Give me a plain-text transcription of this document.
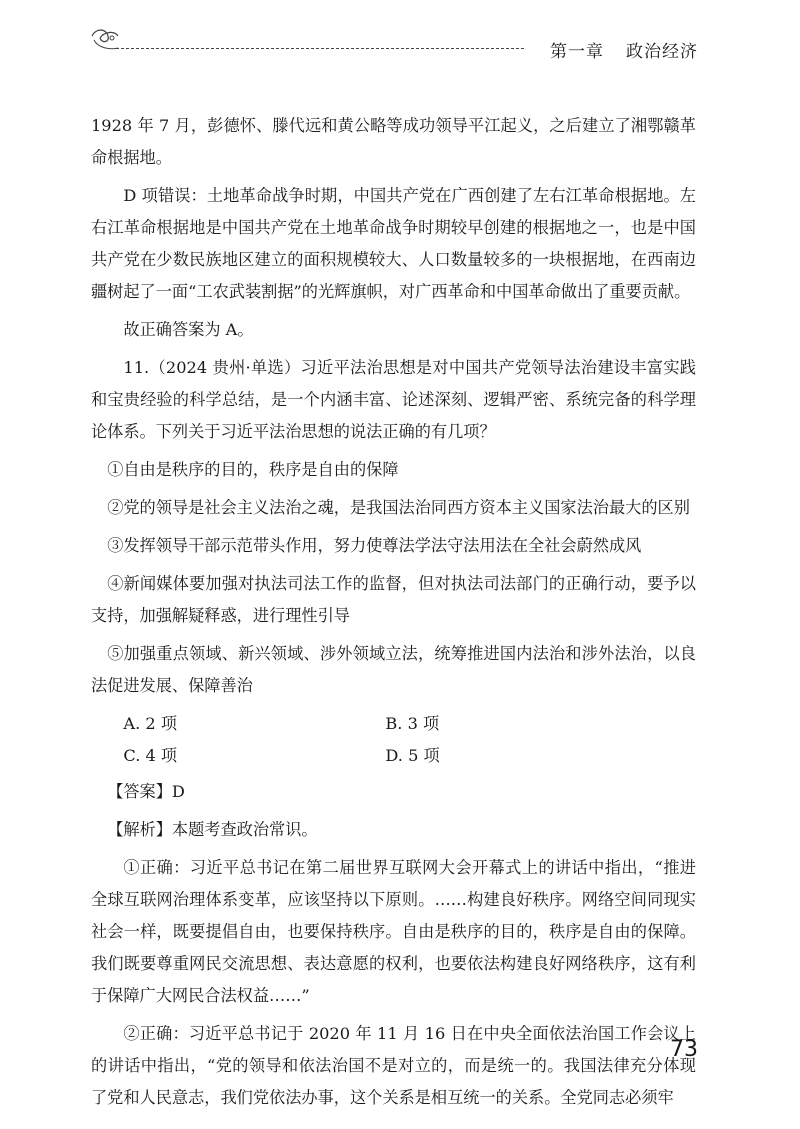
第一章 政治经济

1928 年 7 月，彭德怀、滕代远和黄公略等成功领导平江起义，之后建立了湘鄂赣革命根据地。

D 项错误：土地革命战争时期，中国共产党在广西创建了左右江革命根据地。左右江革命根据地是中国共产党在土地革命战争时期较早创建的根据地之一，也是中国共产党在少数民族地区建立的面积规模较大、人口数量较多的一块根据地，在西南边疆树起了一面“工农武装割据”的光辉旗帜，对广西革命和中国革命做出了重要贡献。

故正确答案为 A。

11.（2024 贵州·单选）习近平法治思想是对中国共产党领导法治建设丰富实践和宝贵经验的科学总结，是一个内涵丰富、论述深刻、逻辑严密、系统完备的科学理论体系。下列关于习近平法治思想的说法正确的有几项？

①自由是秩序的目的，秩序是自由的保障

②党的领导是社会主义法治之魂，是我国法治同西方资本主义国家法治最大的区别

③发挥领导干部示范带头作用，努力使尊法学法守法用法在全社会蔚然成风

④新闻媒体要加强对执法司法工作的监督，但对执法司法部门的正确行动，要予以支持，加强解疑释惑，进行理性引导

⑤加强重点领域、新兴领域、涉外领域立法，统筹推进国内法治和涉外法治，以良法促进发展、保障善治

A. 2 项	B. 3 项
C. 4 项	D. 5 项

【答案】D

【解析】本题考查政治常识。

①正确：习近平总书记在第二届世界互联网大会开幕式上的讲话中指出，“推进全球互联网治理体系变革，应该坚持以下原则。……构建良好秩序。网络空间同现实社会一样，既要提倡自由，也要保持秩序。自由是秩序的目的，秩序是自由的保障。我们既要尊重网民交流思想、表达意愿的权利，也要依法构建良好网络秩序，这有利于保障广大网民合法权益……”

②正确：习近平总书记于 2020 年 11 月 16 日在中央全面依法治国工作会议上的讲话中指出，“党的领导和依法治国不是对立的，而是统一的。我国法律充分体现了党和人民意志，我们党依法办事，这个关系是相互统一的关系。全党同志必须牢

73
